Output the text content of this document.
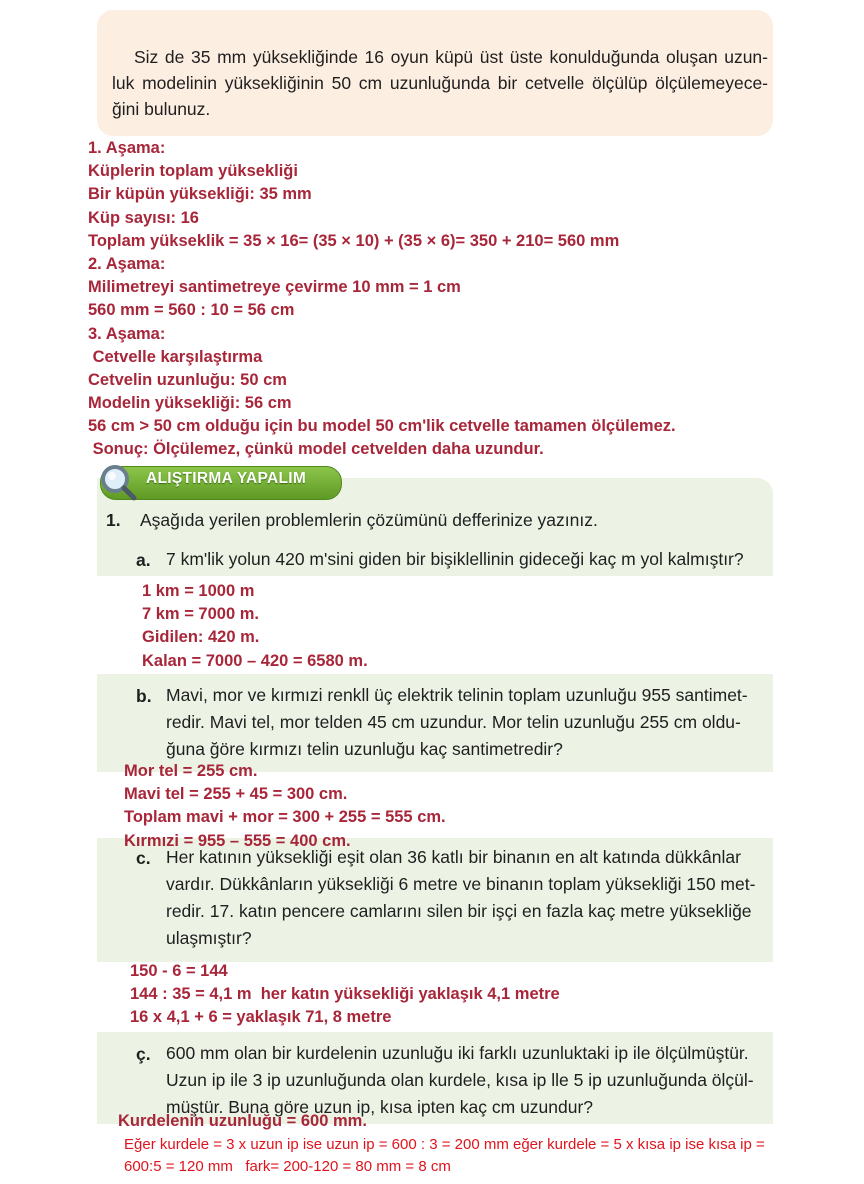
Siz de 35 mm yüksekliğinde 16 oyun küpü üst üste konulduğunda oluşan uzun- luk modelinin yüksekliğinin 50 cm uzunluğunda bir cetvelle ölçülüp ölçülemeyece- ğini bulunuz.
1. Aşama:
Küplerin toplam yüksekliği
Bir küpün yüksekliği: 35 mm
Küp sayısı: 16
Toplam yükseklik = 35 × 16= (35 × 10) + (35 × 6)= 350 + 210= 560 mm
2. Aşama:
Milimetreyi santimetreye çevirme 10 mm = 1 cm
560 mm = 560 : 10 = 56 cm
3. Aşama:
Cetvelle karşılaştırma
Cetvelin uzunluğu: 50 cm
Modelin yüksekliği: 56 cm
56 cm > 50 cm olduğu için bu model 50 cm'lik cetvelle tamamen ölçülemez.
Sonuç: Ölçülemez, çünkü model cetvelden daha uzundur.
ALIŞTIRMA YAPALIM
1. Aşağıda yerilen problemlerin çözümünü defferinize yazınız.
a. 7 km'lik yolun 420 m'sini giden bir bişiklellinin gideceği kaç m yol kalmıştır?
1 km = 1000 m
7 km = 7000 m.
Gidilen: 420 m.
Kalan = 7000 – 420 = 6580 m.
b. Mavi, mor ve kırmızi renkll üç elektrik telinin toplam uzunluğu 955 santimet-
redir. Mavi tel, mor telden 45 cm uzundur. Mor telin uzunluğu 255 cm oldu-
ğuna ğöre kırmızı telin uzunluğu kaç santimetredir?
Mor tel = 255 cm.
Mavi tel = 255 + 45 = 300 cm.
Toplam mavi + mor = 300 + 255 = 555 cm.
Kırmızi = 955 – 555 = 400 cm.
c. Her katının yüksekliği eşit olan 36 katlı bir binanın en alt katında dükkânlar
vardır. Dükkânların yüksekliği 6 metre ve binanın toplam yüksekliği 150 met-
redir. 17. katın pencere camlarını silen bir işçi en fazla kaç metre yüksekliğe
ulaşmıştır?
150 - 6 = 144
144 : 35 = 4,1 m  her katın yüksekliği yaklaşık 4,1 metre
16 x 4,1 + 6 = yaklaşık 71, 8 metre
ç. 600 mm olan bir kurdelenin uzunluğu iki farklı uzunluktaki ip ile ölçülmüştür.
Uzun ip ile 3 ip uzunluğunda olan kurdele, kısa ip lle 5 ip uzunluğunda ölçül-
müştür. Buna göre uzun ip, kısa ipten kaç cm uzundur?
Kurdelenin uzunluğu = 600 mm.
Eğer kurdele = 3 x uzun ip ise uzun ip = 600 : 3 = 200 mm eğer kurdele = 5 x kısa ip ise kısa ip =
600:5 = 120 mm   fark= 200-120 = 80 mm = 8 cm
